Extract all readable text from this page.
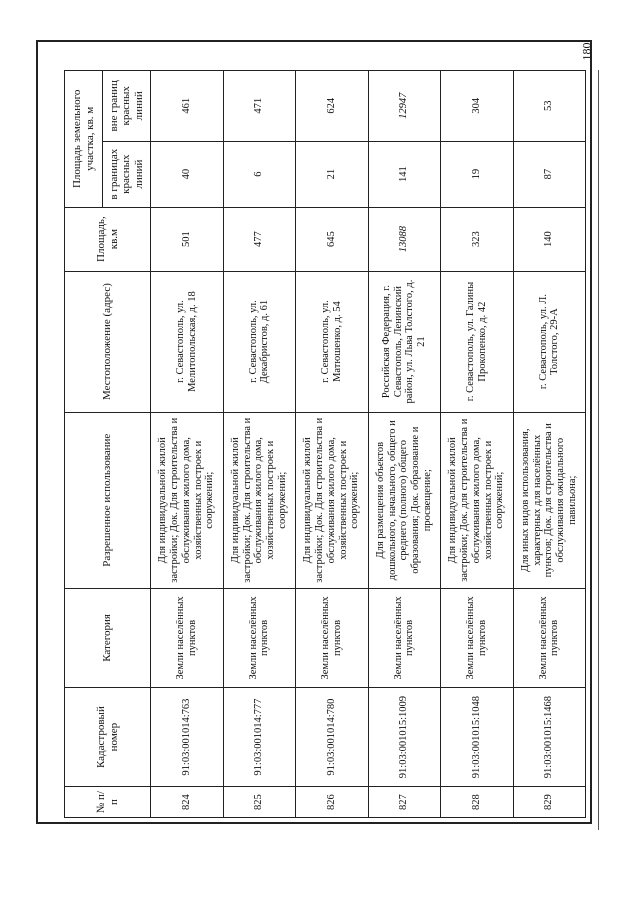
180
№ п/п	Кадастровый номер	Категория	Разрешенное использование	Местоположение (адрес)	Площадь, кв.м	Площадь земельного участка, кв. м	
						в границах красных линий	вне границ красных линий
824	91:03:001014:763	Земли населённых пунктов	Для индивидуальной жилой застройки; Док. Для строительства и обслуживания жилого дома, хозяйственных построек и сооружений;	г. Севастополь, ул. Мелитопольская, д. 18	501	40	461
825	91:03:001014:777	Земли населённых пунктов	Для индивидуальной жилой застройки; Док. Для строительства и обслуживания жилого дома, хозяйственных построек и сооружений;	г. Севастополь, ул. Декабристов, д. 61	477	6	471
826	91:03:001014:780	Земли населённых пунктов	Для индивидуальной жилой застройки; Док. Для строительства и обслуживания жилого дома, хозяйственных построек и сооружений;	г. Севастополь, ул. Матюшенко, д. 54	645	21	624
827	91:03:001015:1009	Земли населённых пунктов	Для размещения объектов дошкольного, начального, общего и среднего (полного) общего образования; Док. образование и просвещение;	Российская Федерация, г. Севастополь, Ленинский район, ул. Льва Толстого, д. 21	13088	141	12947
828	91:03:001015:1048	Земли населённых пунктов	Для индивидуальной жилой застройки; Док. для строительства и обслуживания жилого дома, хозяйственных построек и сооружений;	г. Севастополь, ул. Галины Прокопенко, д. 42	323	19	304
829	91:03:001015:1468	Земли населённых пунктов	Для иных видов использования, характерных для населённых пунктов; Док. для строительства и обслуживания ожидального павильона;	г. Севастополь, ул. Л. Толстого, 29-А	140	87	53
